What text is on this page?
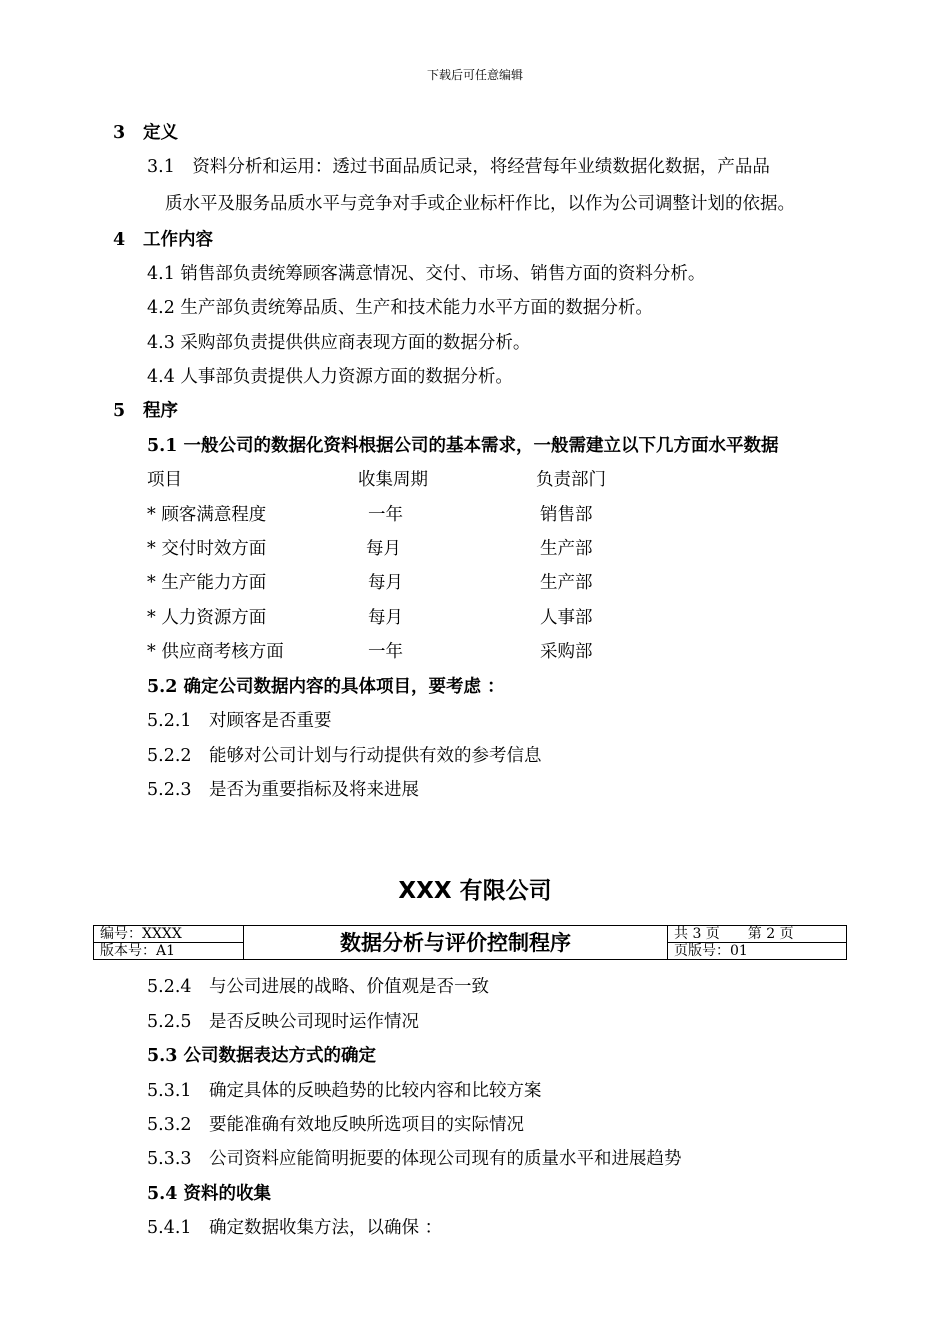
下载后可任意编辑
3 定义
3.1　资料分析和运用：透过书面品质记录，将经营每年业绩数据化数据，产品品
质水平及服务品质水平与竞争对手或企业标杆作比，以作为公司调整计划的依据。
4 工作内容
4.1 销售部负责统筹顾客满意情况、交付、市场、销售方面的资料分析。
4.2 生产部负责统筹品质、生产和技术能力水平方面的数据分析。
4.3 采购部负责提供供应商表现方面的数据分析。
4.4 人事部负责提供人力资源方面的数据分析。
5 程序
5.1 一般公司的数据化资料根据公司的基本需求，一般需建立以下几方面水平数据
项目	收集周期	负责部门
* 顾客满意程度	一年	销售部
* 交付时效方面	每月	生产部
* 生产能力方面	每月	生产部
* 人力资源方面	每月	人事部
* 供应商考核方面	一年	采购部
5.2 确定公司数据内容的具体项目，要考虑 ：
5.2.1　对顾客是否重要
5.2.2　能够对公司计划与行动提供有效的参考信息
5.2.3　是否为重要指标及将来进展
XXX 有限公司
编号：XXXX	数据分析与评价控制程序	共 3 页　　第 2 页
版本号：A1		页版号：01
5.2.4　与公司进展的战略、价值观是否一致
5.2.5　是否反映公司现时运作情况
5.3 公司数据表达方式的确定
5.3.1　确定具体的反映趋势的比较内容和比较方案
5.3.2　要能准确有效地反映所选项目的实际情况
5.3.3　公司资料应能简明扼要的体现公司现有的质量水平和进展趋势
5.4 资料的收集
5.4.1　确定数据收集方法，以确保 ：
